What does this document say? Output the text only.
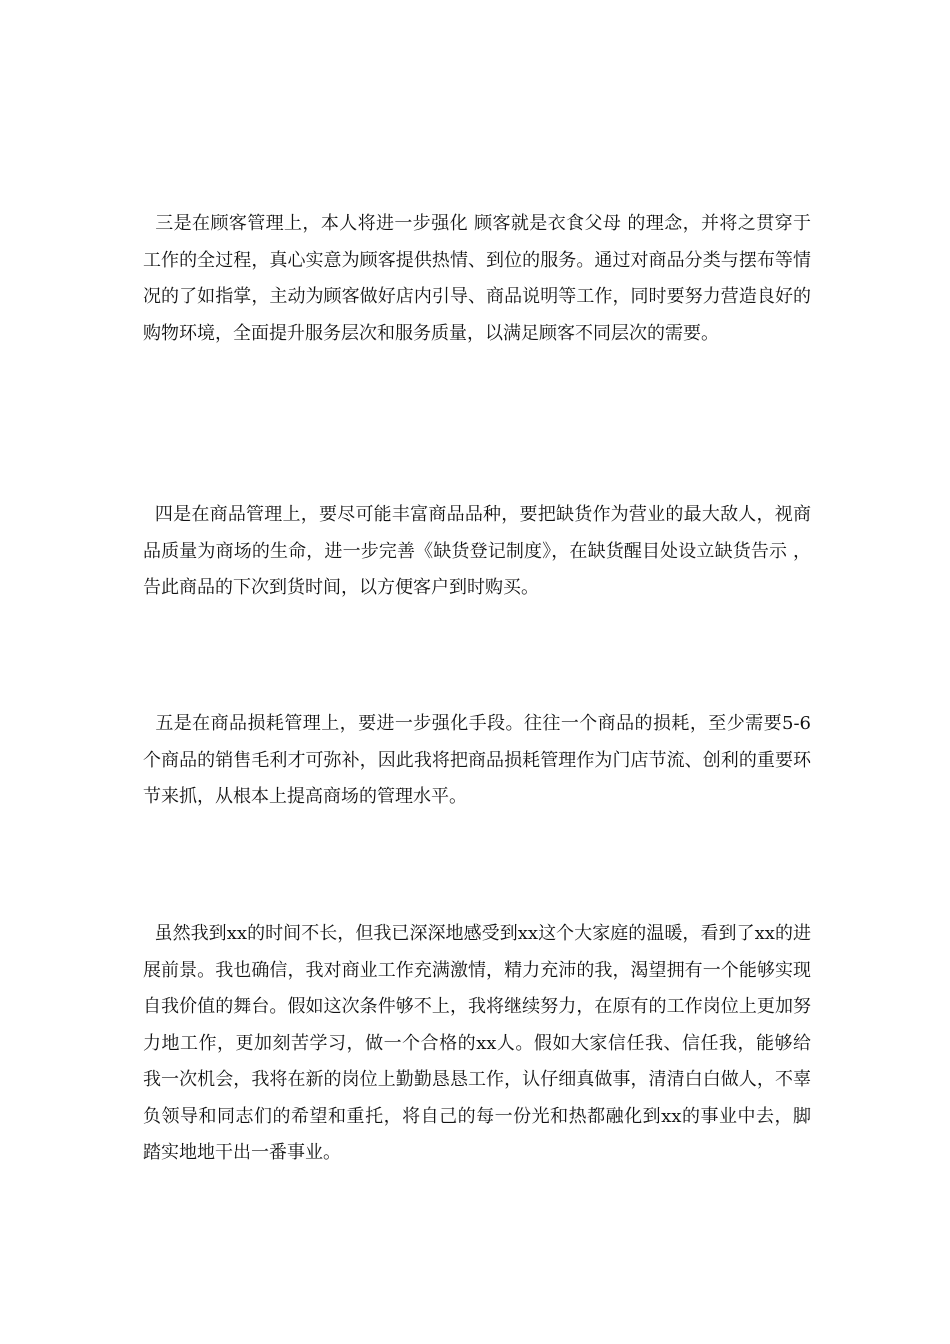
三是在顾客管理上，本人将进一步强化 顾客就是衣食父母 的理念，并将之贯穿于工作的全过程，真心实意为顾客提供热情、到位的服务。通过对商品分类与摆布等情况的了如指掌，主动为顾客做好店内引导、商品说明等工作，同时要努力营造良好的购物环境，全面提升服务层次和服务质量，以满足顾客不同层次的需要。

四是在商品管理上，要尽可能丰富商品品种，要把缺货作为营业的最大敌人，视商品质量为商场的生命，进一步完善《缺货登记制度》，在缺货醒目处设立缺货告示 ，告此商品的下次到货时间，以方便客户到时购买。

五是在商品损耗管理上，要进一步强化手段。往往一个商品的损耗，至少需要5-6个商品的销售毛利才可弥补，因此我将把商品损耗管理作为门店节流、创利的重要环节来抓，从根本上提高商场的管理水平。

虽然我到xx的时间不长，但我已深深地感受到xx这个大家庭的温暖，看到了xx的进展前景。我也确信，我对商业工作充满激情，精力充沛的我，渴望拥有一个能够实现自我价值的舞台。假如这次条件够不上，我将继续努力，在原有的工作岗位上更加努力地工作，更加刻苦学习，做一个合格的xx人。假如大家信任我、信任我，能够给我一次机会，我将在新的岗位上勤勤恳恳工作，认仔细真做事，清清白白做人，不辜负领导和同志们的希望和重托，将自己的每一份光和热都融化到xx的事业中去，脚踏实地地干出一番事业。
